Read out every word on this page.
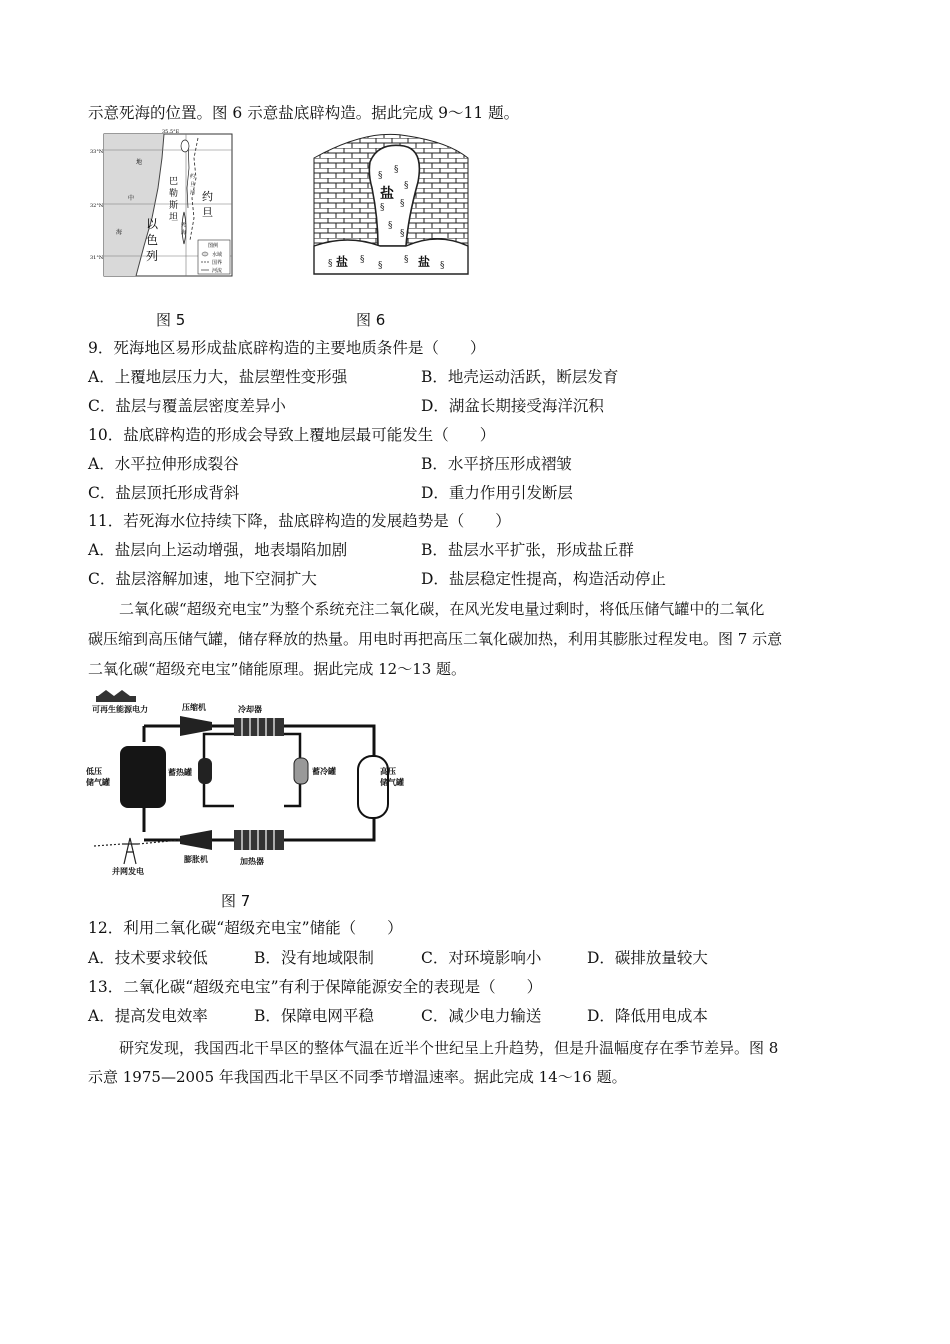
示意死海的位置。图 6 示意盐底辟构造。据此完成 9～11 题。
35.5°E
33°N
32°N
31°N
地
中
海
以
色
列
巴
勒
斯
坦
约
旦
约
旦
河
死
海
图例
水域
国界
河流
§
§
§
§ §
§
§
§	§
§
§
§
盐
盐	盐
图 5	图 6
9．死海地区易形成盐底辟构造的主要地质条件是（　　）
A．上覆地层压力大，盐层塑性变形强	B．地壳运动活跃，断层发育
C．盐层与覆盖层密度差异小	D．湖盆长期接受海洋沉积
10．盐底辟构造的形成会导致上覆地层最可能发生（　　）
A．水平拉伸形成裂谷	B．水平挤压形成褶皱
C．盐层顶托形成背斜	D．重力作用引发断层
11．若死海水位持续下降，盐底辟构造的发展趋势是（　　）
A．盐层向上运动增强，地表塌陷加剧	B．盐层水平扩张，形成盐丘群
C．盐层溶解加速，地下空洞扩大	D．盐层稳定性提高，构造活动停止
二氧化碳“超级充电宝”为整个系统充注二氧化碳，在风光发电量过剩时，将低压储气罐中的二氧化
碳压缩到高压储气罐，储存释放的热量。用电时再把高压二氧化碳加热，利用其膨胀过程发电。图 7 示意
二氧化碳“超级充电宝”储能原理。据此完成 12～13 题。
可再生能源电力	压缩机	冷却器
低压
储气罐
蓄热罐	蓄冷罐	高压
储气罐
膨胀机	加热器
并网发电
图 7
12．利用二氧化碳“超级充电宝”储能（　　）
A．技术要求较低	B．没有地域限制	C．对环境影响小	D．碳排放量较大
13．二氧化碳“超级充电宝”有利于保障能源安全的表现是（　　）
A．提高发电效率	B．保障电网平稳	C．减少电力输送	D．降低用电成本
研究发现，我国西北干旱区的整体气温在近半个世纪呈上升趋势，但是升温幅度存在季节差异。图 8
示意 1975—2005 年我国西北干旱区不同季节增温速率。据此完成 14～16 题。
